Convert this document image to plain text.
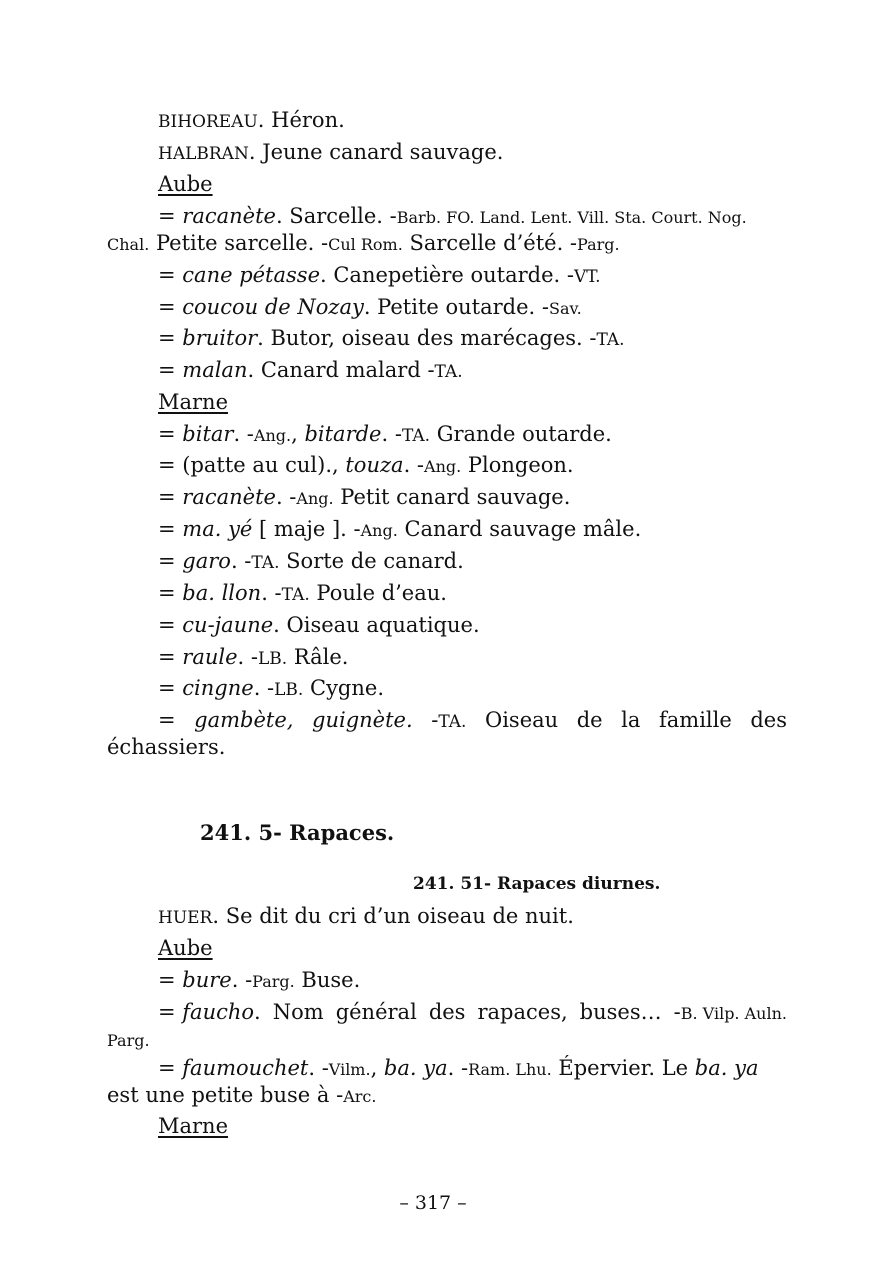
BIHOREAU. Héron.
HALBRAN. Jeune canard sauvage.
Aube
= racanète. Sarcelle. -Barb. FO. Land. Lent. Vill. Sta. Court. Nog.
Chal. Petite sarcelle. -Cul Rom. Sarcelle d’été. -Parg.
= cane pétasse. Canepetière outarde. -VT.
= coucou de Nozay. Petite outarde. -Sav.
= bruitor. Butor, oiseau des marécages. -TA.
= malan. Canard malard -TA.
Marne
= bitar. -Ang., bitarde. -TA. Grande outarde.
= (patte au cul)., touza. -Ang. Plongeon.
= racanète. -Ang. Petit canard sauvage.
= ma. yé [ maje ]. -Ang. Canard sauvage mâle.
= garo. -TA. Sorte de canard.
= ba. llon. -TA. Poule d’eau.
= cu-jaune. Oiseau aquatique.
= raule. -LB. Râle.
= cingne. -LB. Cygne.
= gambète, guignète. -TA. Oiseau de la famille des
échassiers.
241. 5- Rapaces.
241. 51- Rapaces diurnes.
HUER. Se dit du cri d’un oiseau de nuit.
Aube
= bure. -Parg. Buse.
= faucho. Nom général des rapaces, buses… -B. Vilp. Auln.
Parg.
= faumouchet. -Vilm., ba. ya. -Ram. Lhu. Épervier. Le ba. ya
est une petite buse à -Arc.
Marne
– 317 –
